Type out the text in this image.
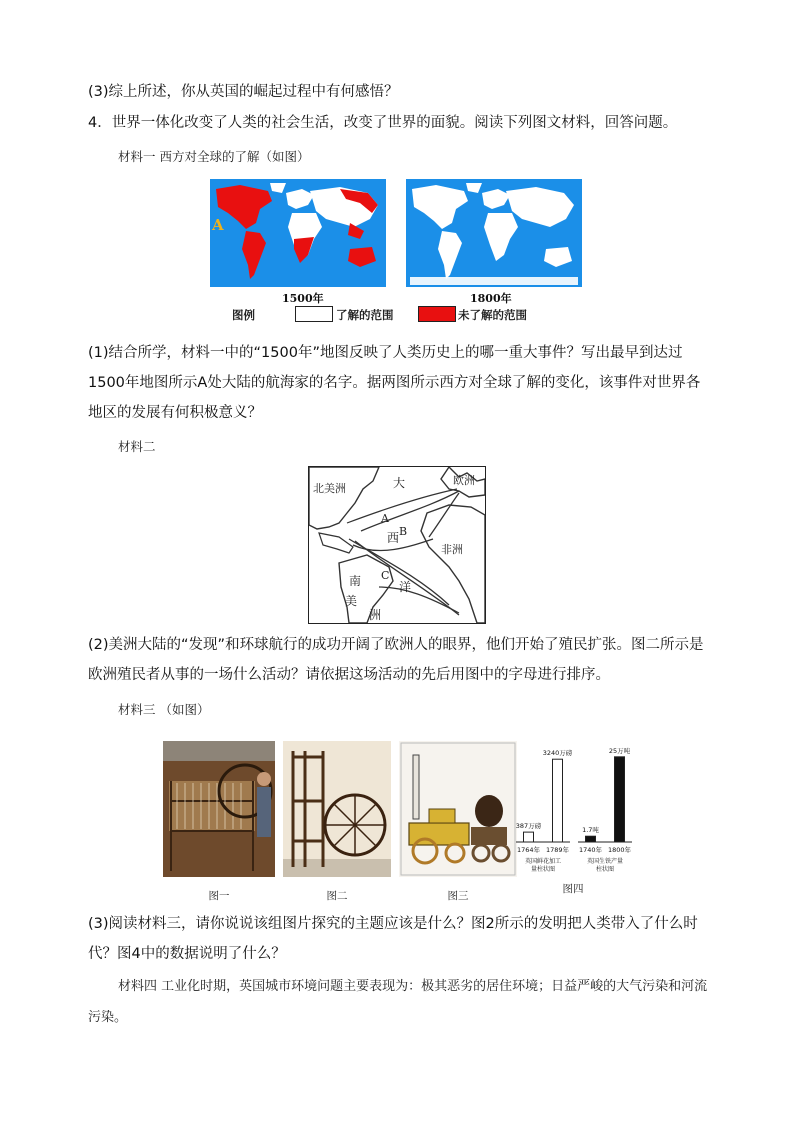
(3)综上所述，你从英国的崛起过程中有何感悟？
4．世界一体化改变了人类的社会生活，改变了世界的面貌。阅读下列图文材料，回答问题。
材料一 西方对全球的了解（如图）
A
1500年	1800年
图例	了解的范围	未了解的范围
(1)结合所学，材料一中的“1500年”地图反映了人类历史上的哪一重大事件？写出最早到达过1500年地图所示A处大陆的航海家的名字。据两图所示西方对全球了解的变化，该事件对世界各地区的发展有何积极意义？
材料二
北美洲	大	欧洲
A
B
西
非洲
C
南
美
洋
洲
(2)美洲大陆的“发现”和环球航行的成功开阔了欧洲人的眼界，他们开始了殖民扩张。图二所示是欧洲殖民者从事的一场什么活动？请依据这场活动的先后用图中的字母进行排序。
材料三 （如图）
387万磅
1764年
3240万磅
1789年
英国鲜花加工
量柱状图
1.7吨
1740年
25万吨
1800年
英国生铁产量
柱状图
图一	图二	图三
图四
(3)阅读材料三，请你说说该组图片探究的主题应该是什么？图2所示的发明把人类带入了什么时代？图4中的数据说明了什么？
材料四 工业化时期，英国城市环境问题主要表现为：极其恶劣的居住环境；日益严峻的大气污染和河流污染。
